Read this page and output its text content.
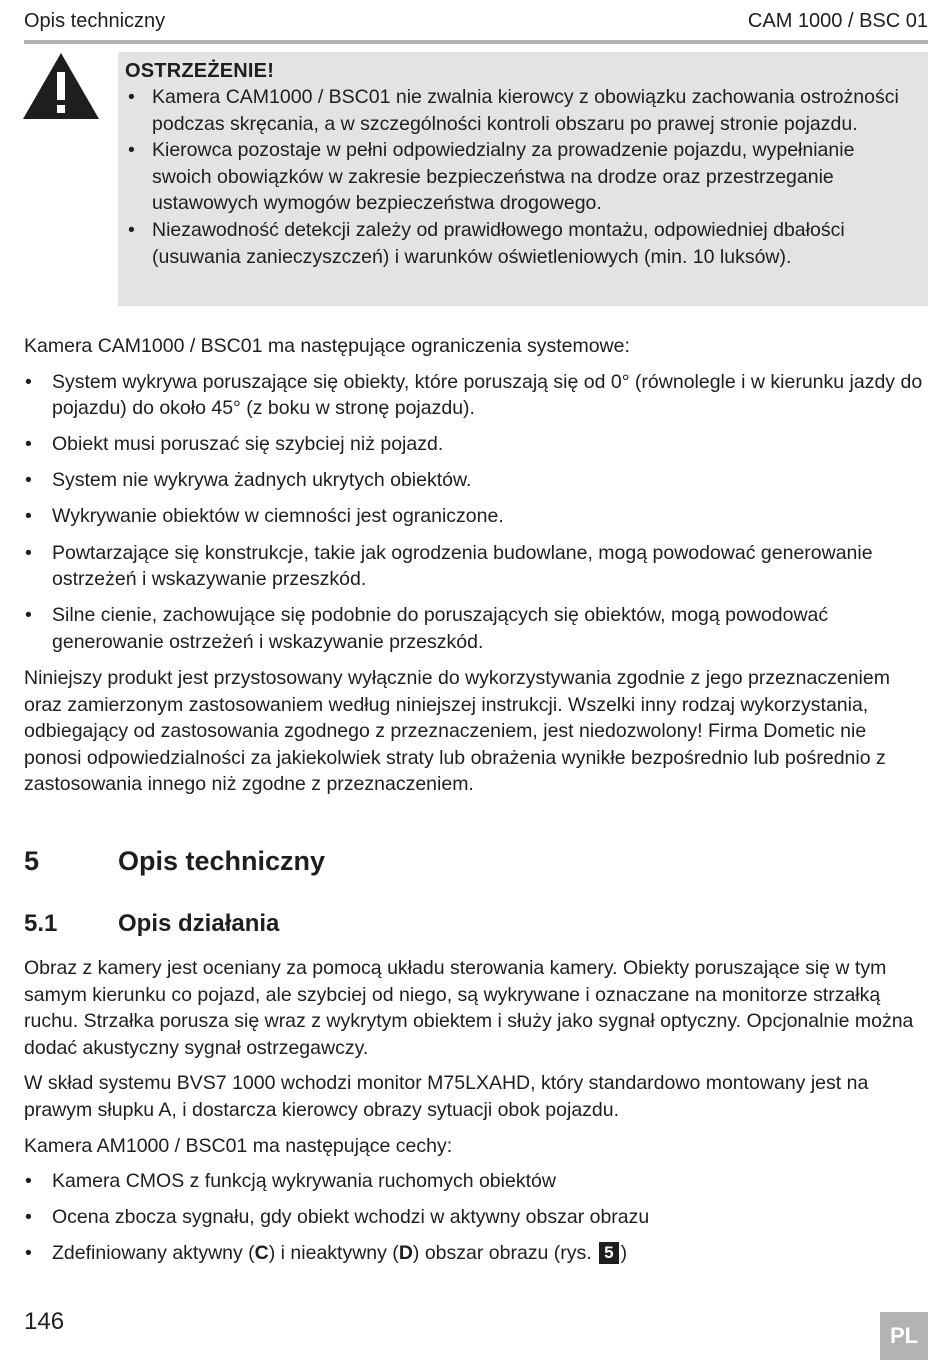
Opis techniczny	CAM 1000 / BSC 01
OSTRZEŻENIE!
• Kamera CAM1000 / BSC01 nie zwalnia kierowcy z obowiązku zachowania ostrożności podczas skręcania, a w szczególności kontroli obszaru po prawej stronie pojazdu.
• Kierowca pozostaje w pełni odpowiedzialny za prowadzenie pojazdu, wypełnianie swoich obowiązków w zakresie bezpieczeństwa na drodze oraz przestrzeganie ustawowych wymogów bezpieczeństwa drogowego.
• Niezawodność detekcji zależy od prawidłowego montażu, odpowiedniej dbałości (usuwania zanieczyszczeń) i warunków oświetleniowych (min. 10 luksów).

Kamera CAM1000 / BSC01 ma następujące ograniczenia systemowe:

• System wykrywa poruszające się obiekty, które poruszają się od 0° (równolegle i w kierunku jazdy do pojazdu) do około 45° (z boku w stronę pojazdu).
• Obiekt musi poruszać się szybciej niż pojazd.
• System nie wykrywa żadnych ukrytych obiektów.
• Wykrywanie obiektów w ciemności jest ograniczone.
• Powtarzające się konstrukcje, takie jak ogrodzenia budowlane, mogą powodować generowanie ostrzeżeń i wskazywanie przeszkód.
• Silne cienie, zachowujące się podobnie do poruszających się obiektów, mogą powodować generowanie ostrzeżeń i wskazywanie przeszkód.

Niniejszy produkt jest przystosowany wyłącznie do wykorzystywania zgodnie z jego przeznaczeniem oraz zamierzonym zastosowaniem według niniejszej instrukcji. Wszelki inny rodzaj wykorzystania, odbiegający od zastosowania zgodnego z przeznaczeniem, jest niedozwolony! Firma Dometic nie ponosi odpowiedzialności za jakiekolwiek straty lub obrażenia wynikłe bezpośrednio lub pośrednio z zastosowania innego niż zgodne z przeznaczeniem.

5	Opis techniczny
5.1	Opis działania

Obraz z kamery jest oceniany za pomocą układu sterowania kamery. Obiekty poruszające się w tym samym kierunku co pojazd, ale szybciej od niego, są wykrywane i oznaczane na monitorze strzałką ruchu. Strzałka porusza się wraz z wykrytym obiektem i służy jako sygnał optyczny. Opcjonalnie można dodać akustyczny sygnał ostrzegawczy.

W skład systemu BVS7 1000 wchodzi monitor M75LXAHD, który standardowo montowany jest na prawym słupku A, i dostarcza kierowcy obrazy sytuacji obok pojazdu.

Kamera AM1000 / BSC01 ma następujące cechy:

• Kamera CMOS z funkcją wykrywania ruchomych obiektów
• Ocena zbocza sygnału, gdy obiekt wchodzi w aktywny obszar obrazu
• Zdefiniowany aktywny (C) i nieaktywny (D) obszar obrazu (rys. 5 )
146
PL
